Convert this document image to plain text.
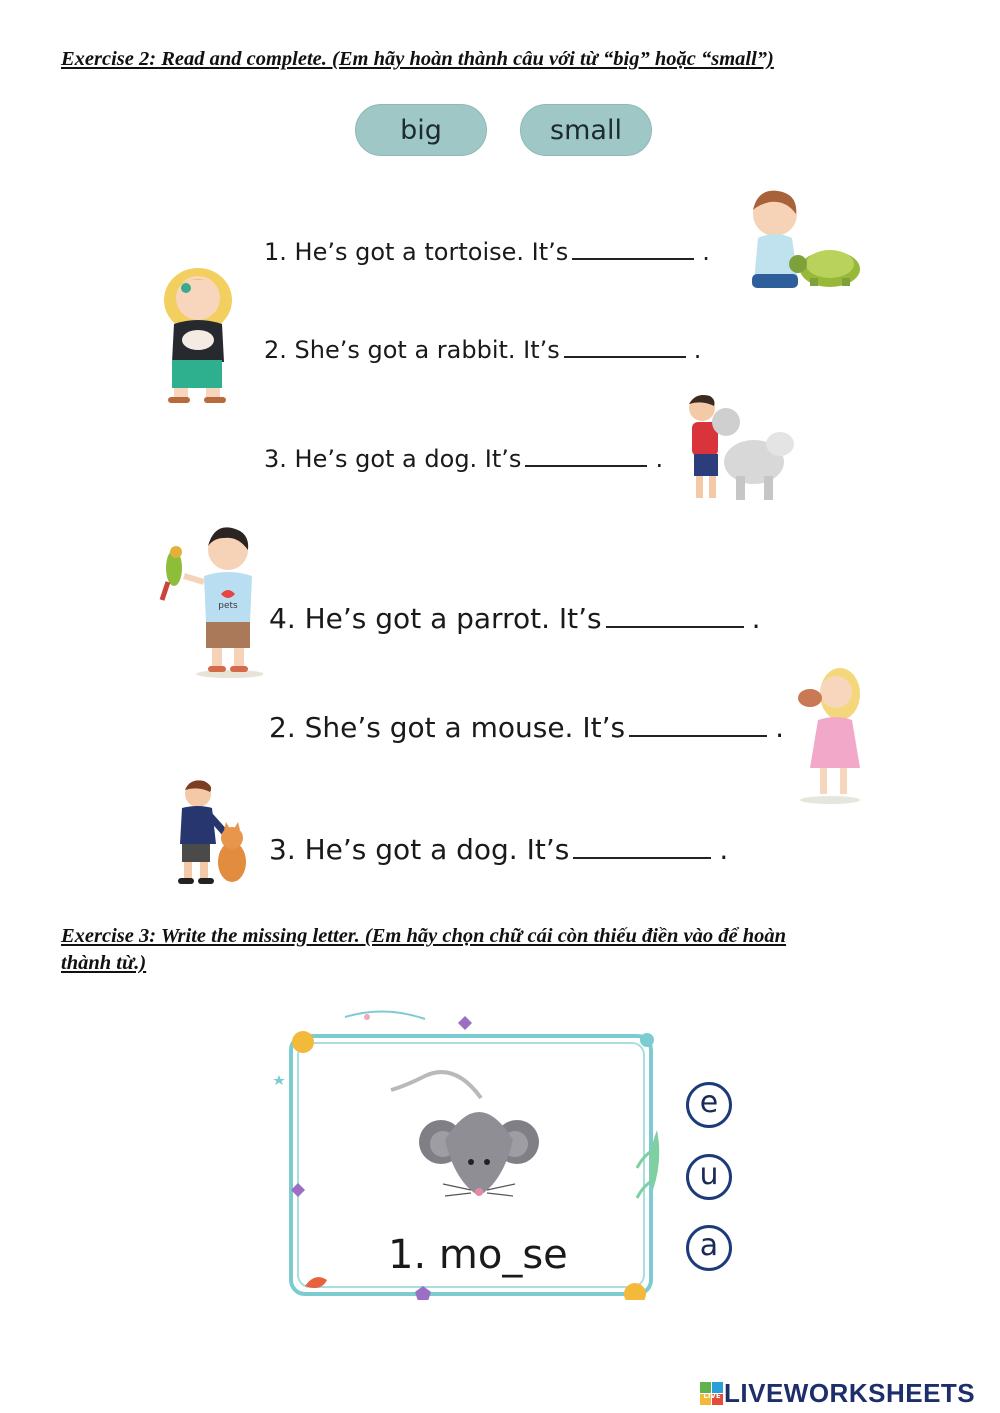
Exercise 2: Read and complete. (Em hãy hoàn thành câu với từ “big” hoặc “small”)
big	small
1. He’s got a tortoise. It’s	.
2. She’s got a rabbit. It’s	.
3. He’s got a dog. It’s	.
4. He’s got a parrot. It’s	.
2. She’s got a mouse. It’s	.
3. He’s got a dog. It’s	.
pets
Exercise 3: Write the missing letter. (Em hãy chọn chữ cái còn thiếu điền vào để hoàn
thành từ.)
1. mo_se
e
u
a
LIVE LIVEWORKSHEETS
